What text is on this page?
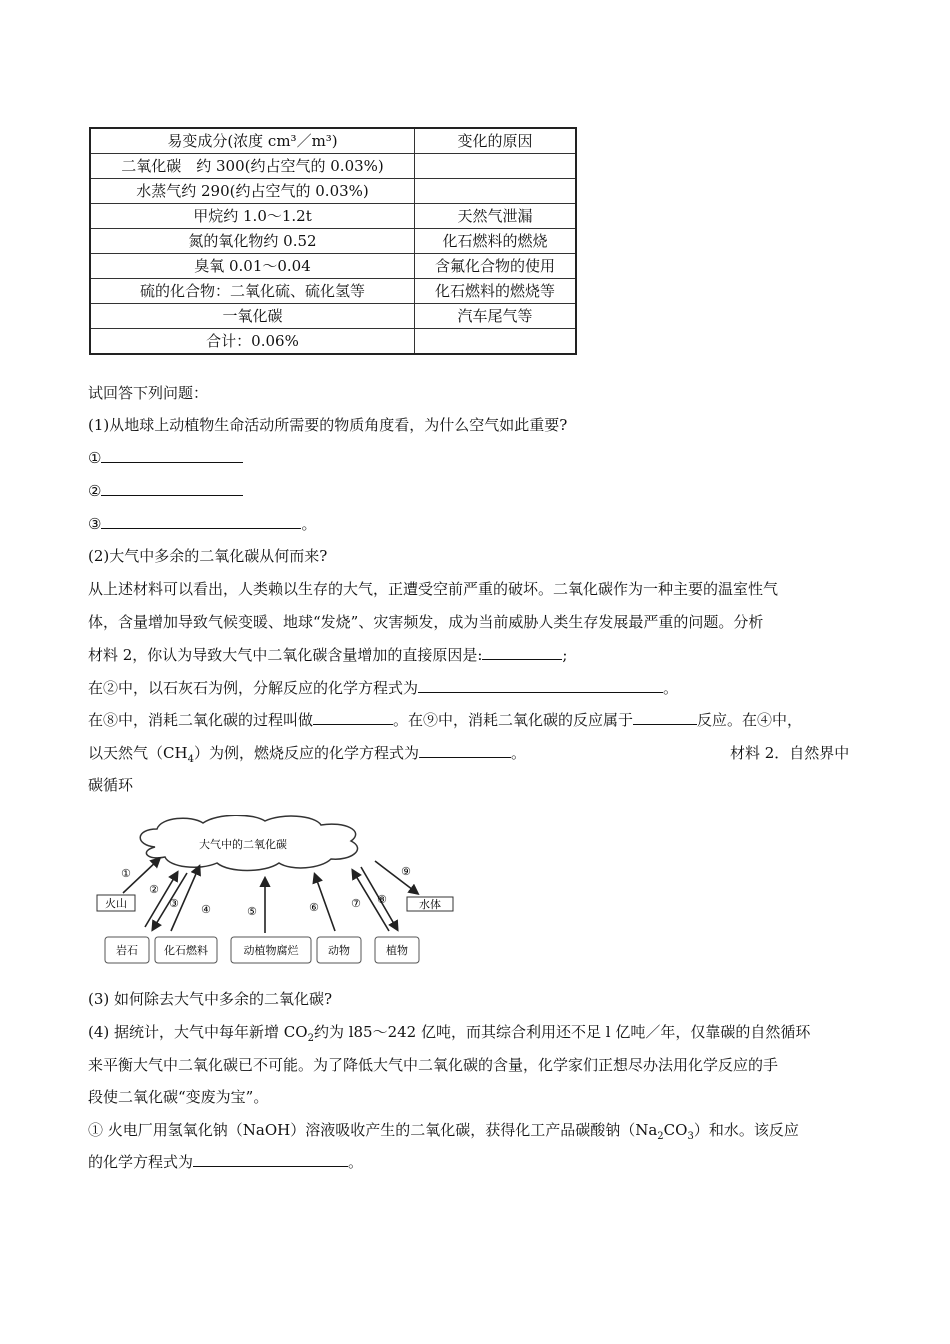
易变成分(浓度 cm³／m³)	变化的原因
二氧化碳　约 300(约占空气的 0.03%)	
水蒸气约 290(约占空气的 0.03%)	
甲烷约 1.0～1.2t	天然气泄漏
氮的氧化物约 0.52	化石燃料的燃烧
臭氧 0.01～0.04	含氟化合物的使用
硫的化合物：二氧化硫、硫化氢等	化石燃料的燃烧等
一氧化碳	汽车尾气等
合计：0.06%	
试回答下列问题：
(1)从地球上动植物生命活动所需要的物质角度看，为什么空气如此重要?
①
②
③	。
(2)大气中多余的二氧化碳从何而来?
从上述材料可以看出，人类赖以生存的大气，正遭受空前严重的破坏。二氧化碳作为一种主要的温室性气
体，含量增加导致气候变暖、地球“发烧”、灾害频发，成为当前威胁人类生存发展最严重的问题。分析
材料 2，你认为导致大气中二氧化碳含量增加的直接原因是:	;
在②中，以石灰石为例，分解反应的化学方程式为	。
在⑧中，消耗二氧化碳的过程叫做	。在⑨中，消耗二氧化碳的反应属于	反应。在④中，
以天然气$(CH_4)$为例，燃烧反应的化学方程式为	。	材料 2．自然界中
碳循环
大气中的二氧化碳
火山	水体
岩石 化石燃料	动植物腐烂	动物	植物
①
②
③ ④	⑤	⑥	⑦ ⑧
⑨
(3) 如何除去大气中多余的二氧化碳?
(4) 据统计，大气中每年新增 $CO_2$约为 l85～242 亿吨，而其综合利用还不足 l 亿吨／年，仅靠碳的自然循环
来平衡大气中二氧化碳已不可能。为了降低大气中二氧化碳的含量，化学家们正想尽办法用化学反应的手
段使二氧化碳“变废为宝”。
① 火电厂用氢氧化钠（NaOH）溶液吸收产生的二氧化碳，获得化工产品碳酸钠$(Na_2CO_3)$和水。该反应
的化学方程式为	。
